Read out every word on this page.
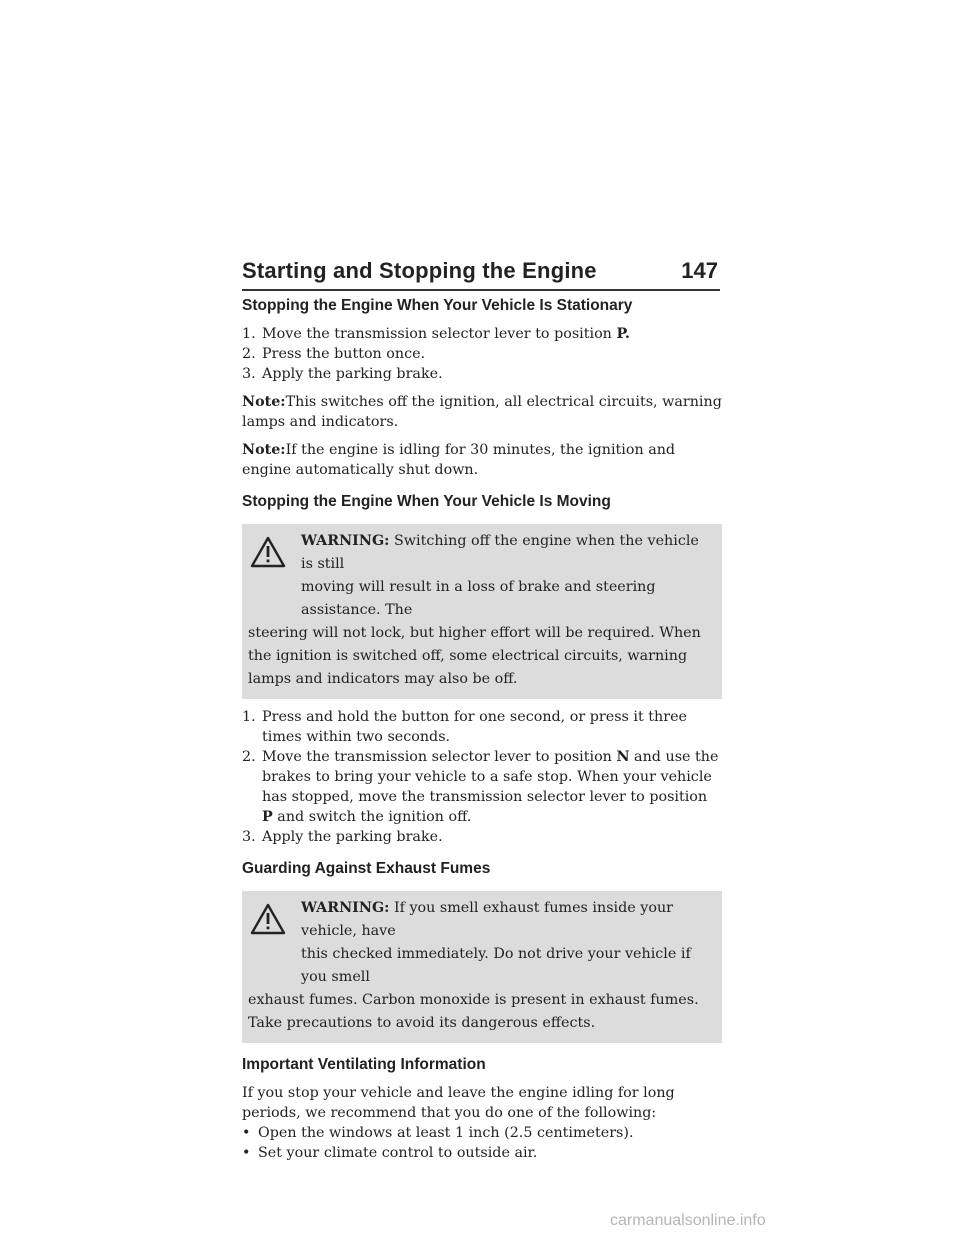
Starting and Stopping the Engine	147
Stopping the Engine When Your Vehicle Is Stationary
1. Move the transmission selector lever to position P.
2. Press the button once.
3. Apply the parking brake.

Note:This switches off the ignition, all electrical circuits, warning lamps and indicators.

Note:If the engine is idling for 30 minutes, the ignition and engine automatically shut down.

Stopping the Engine When Your Vehicle Is Moving
WARNING: Switching off the engine when the vehicle is still
moving will result in a loss of brake and steering assistance. The
steering will not lock, but higher effort will be required. When the ignition is switched off, some electrical circuits, warning lamps and indicators may also be off.
1. Press and hold the button for one second, or press it three times within two seconds.
2. Move the transmission selector lever to position N and use the brakes to bring your vehicle to a safe stop. When your vehicle has stopped, move the transmission selector lever to position P and switch the ignition off.
3. Apply the parking brake.
Guarding Against Exhaust Fumes
WARNING: If you smell exhaust fumes inside your vehicle, have
this checked immediately. Do not drive your vehicle if you smell
exhaust fumes. Carbon monoxide is present in exhaust fumes. Take precautions to avoid its dangerous effects.
Important Ventilating Information

If you stop your vehicle and leave the engine idling for long periods, we recommend that you do one of the following:

• Open the windows at least 1 inch (2.5 centimeters).
• Set your climate control to outside air.
carmanualsonline.info
